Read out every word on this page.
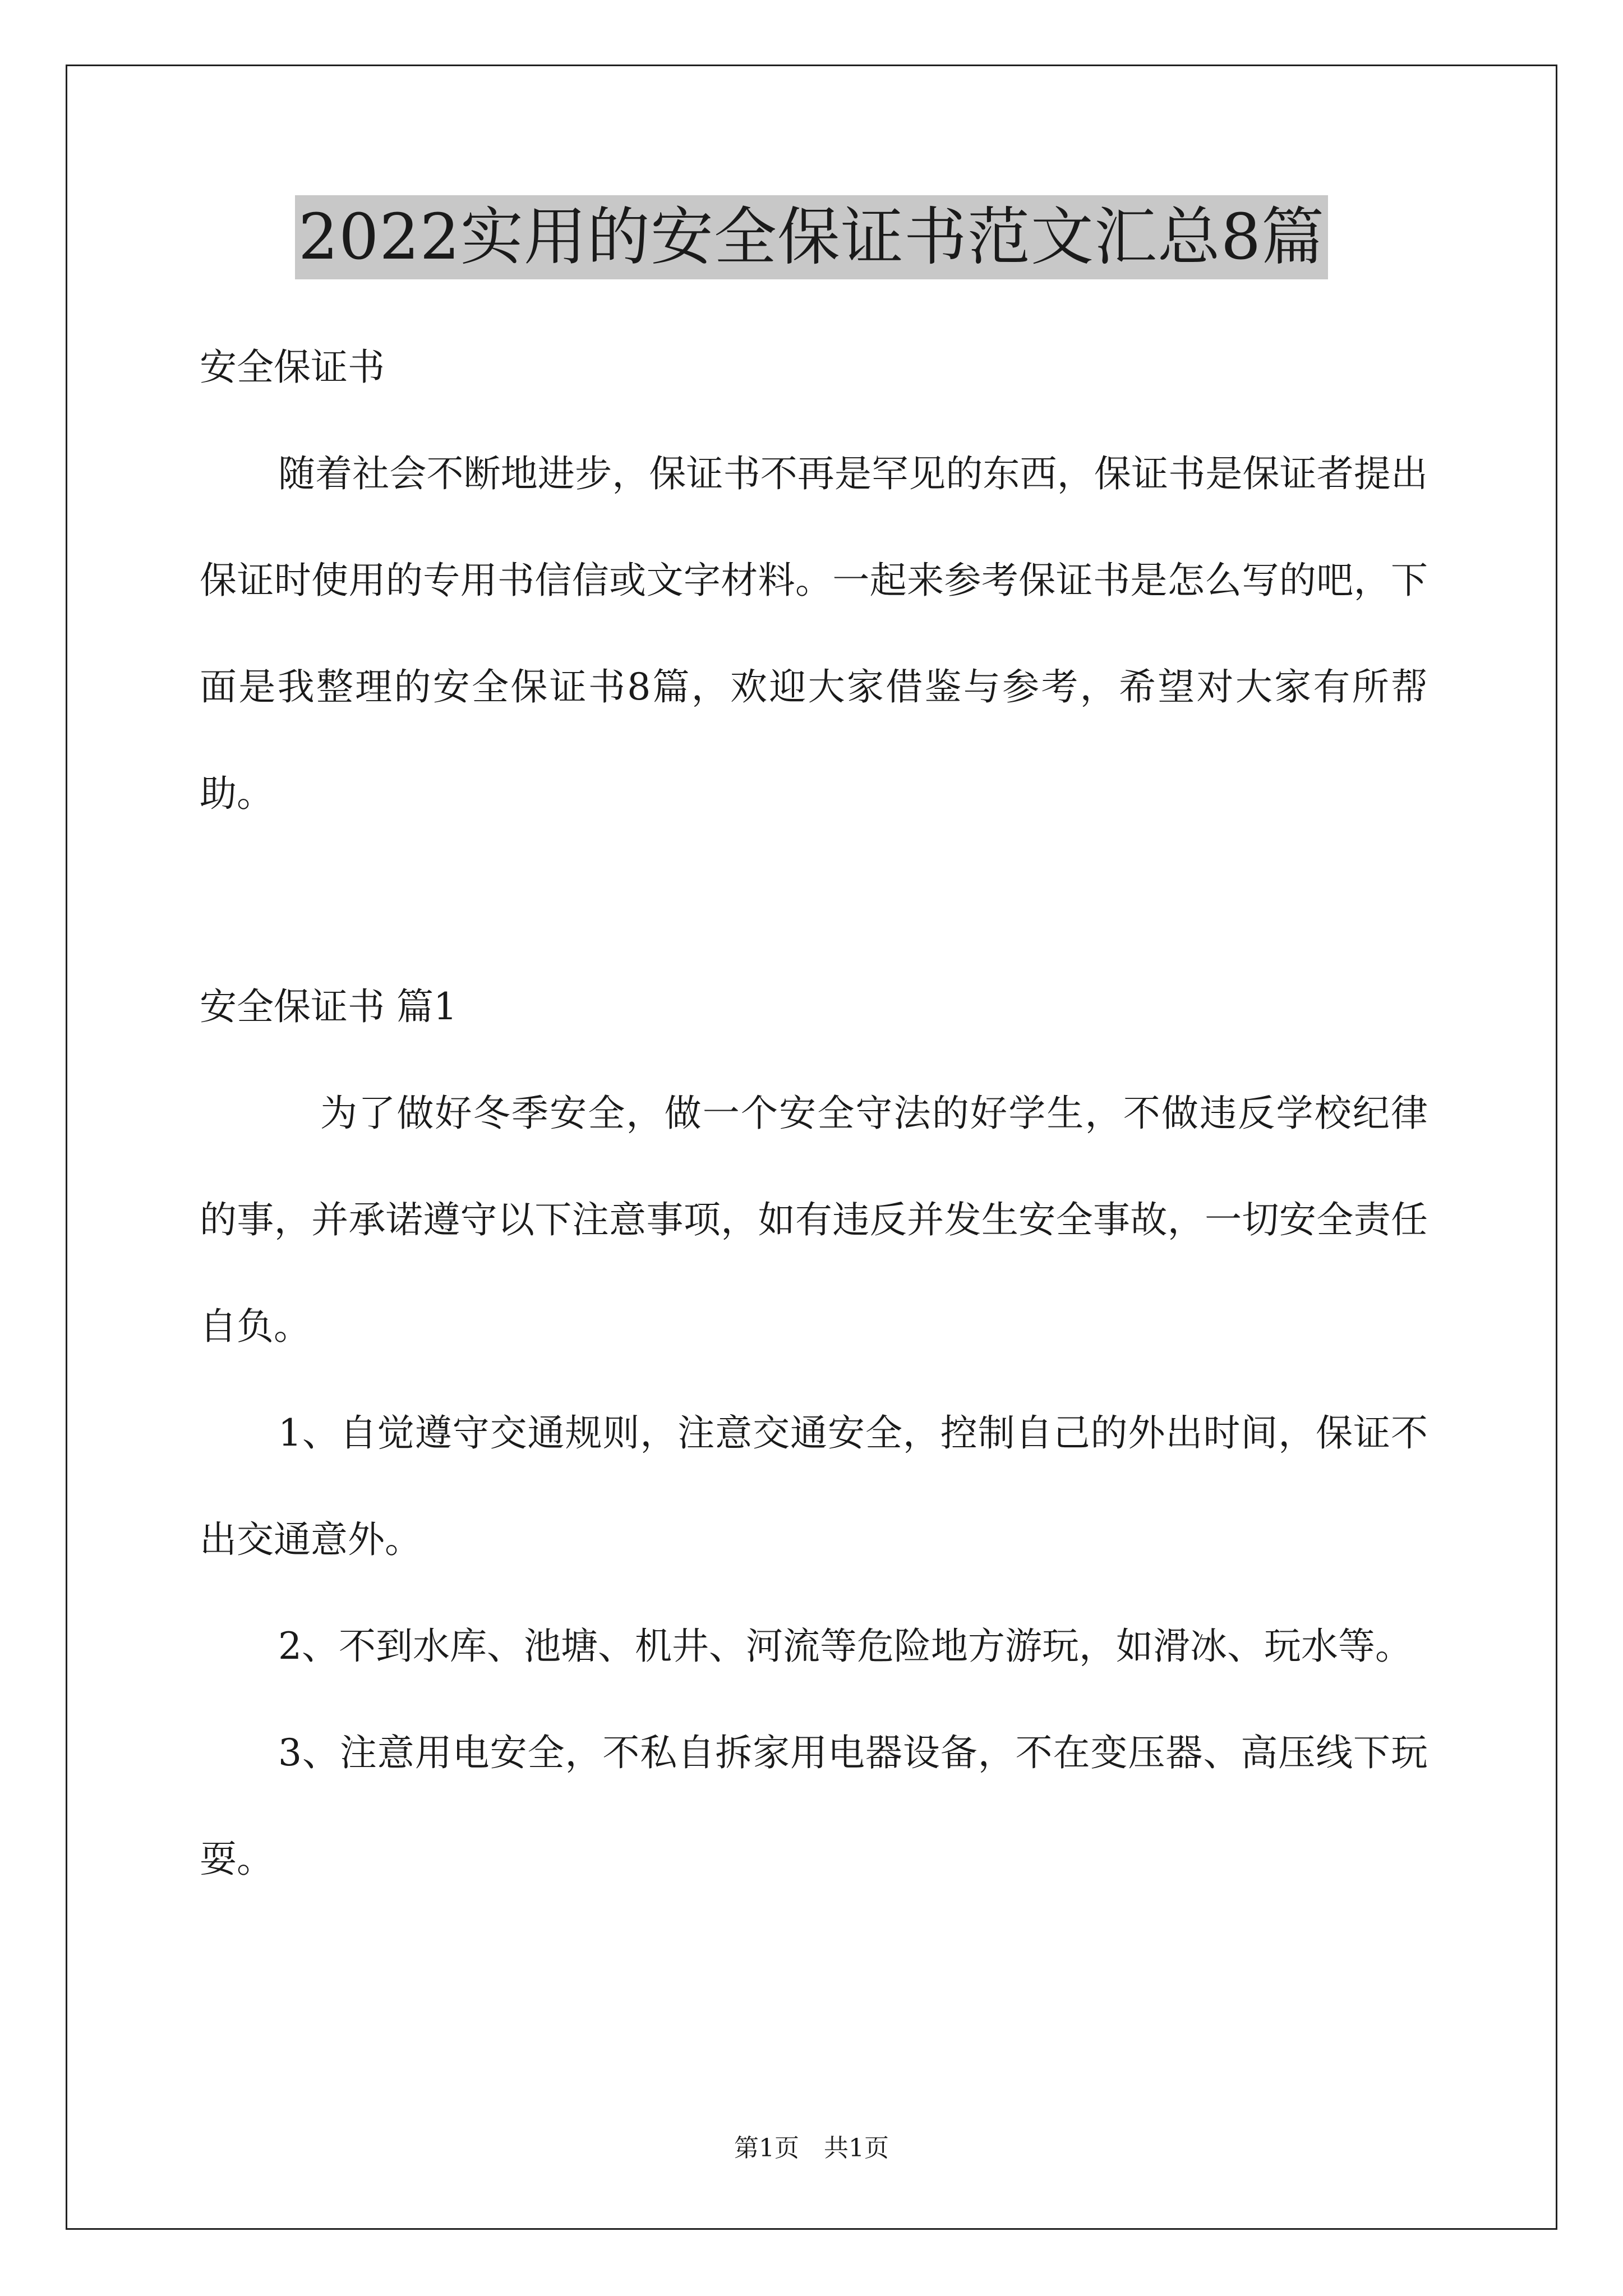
2022实用的安全保证书范文汇总8篇

安全保证书

随着社会不断地进步，保证书不再是罕见的东西，保证书是保证者提出保证时使用的专用书信信或文字材料。一起来参考保证书是怎么写的吧，下面是我整理的安全保证书8篇，欢迎大家借鉴与参考，希望对大家有所帮助。

安全保证书 篇1

为了做好冬季安全，做一个安全守法的好学生，不做违反学校纪律的事，并承诺遵守以下注意事项，如有违反并发生安全事故，一切安全责任自负。

1、自觉遵守交通规则，注意交通安全，控制自己的外出时间，保证不出交通意外。

2、不到水库、池塘、机井、河流等危险地方游玩，如滑冰、玩水等。

3、注意用电安全，不私自拆家用电器设备，不在变压器、高压线下玩耍。

第1页　共1页
